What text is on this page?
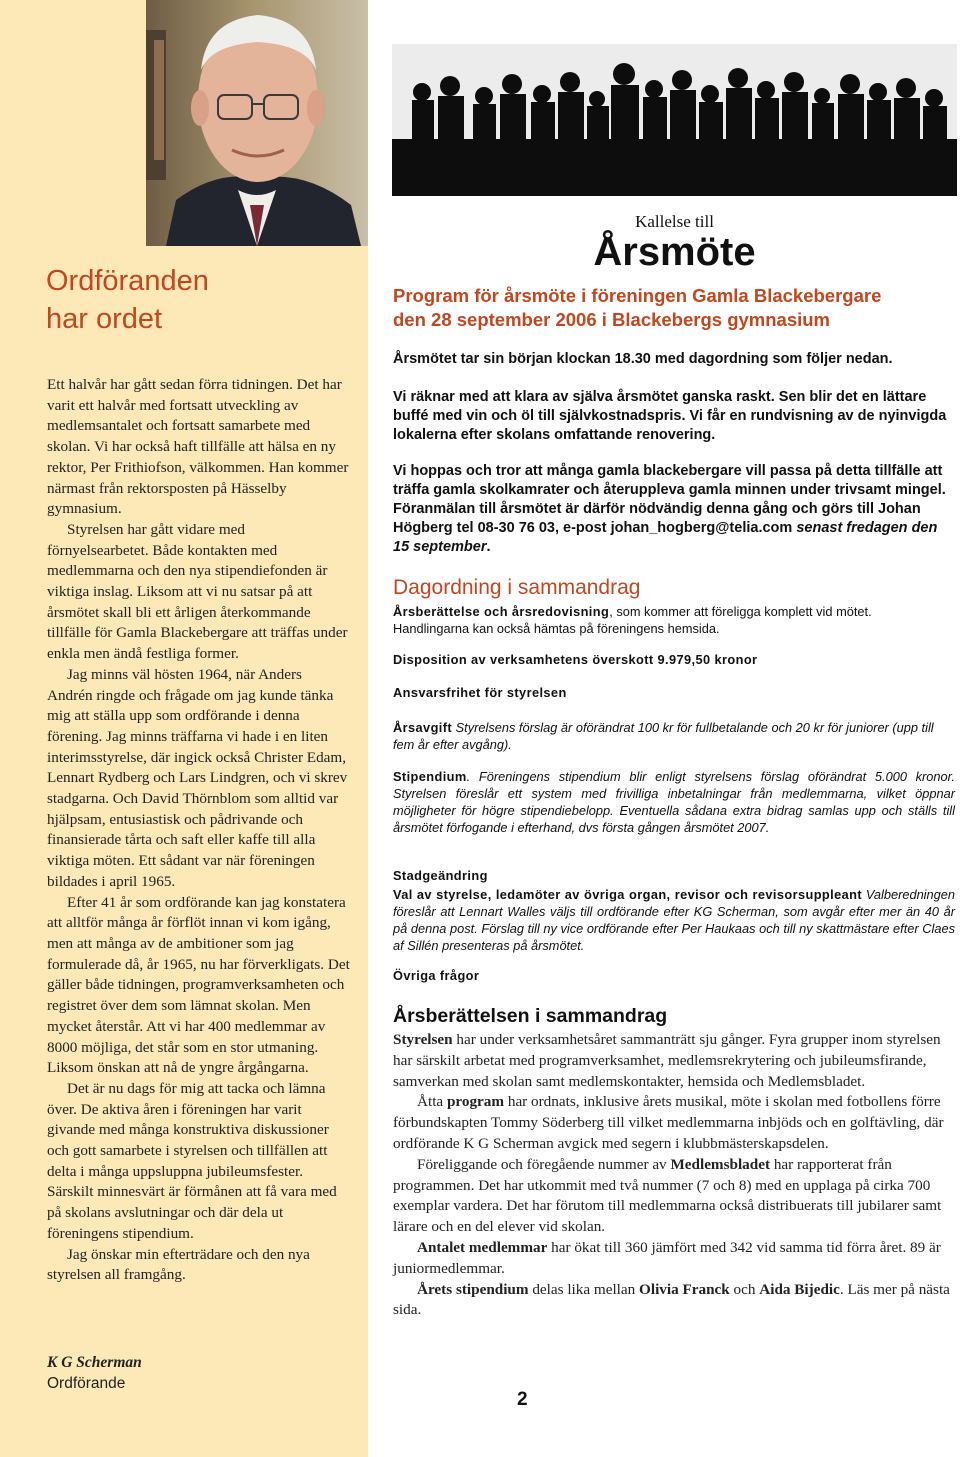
Ordföranden
har ordet

Ett halvår har gått sedan förra tidningen. Det har varit ett halvår med fortsatt utveckling av medlemsantalet och fortsatt samarbete med skolan. Vi har också haft tillfälle att hälsa en ny rektor, Per Frithiofson, välkommen. Han kommer närmast från rektorsposten på Hässelby gymnasium.

Styrelsen har gått vidare med förnyelsearbetet. Både kontakten med medlemmarna och den nya stipendiefonden är viktiga inslag. Liksom att vi nu satsar på att årsmötet skall bli ett årligen återkommande tillfälle för Gamla Blackebergare att träffas under enkla men ändå festliga former.

Jag minns väl hösten 1964, när Anders Andrén ringde och frågade om jag kunde tänka mig att ställa upp som ordförande i denna förening. Jag minns träffarna vi hade i en liten interimsstyrelse, där ingick också Christer Edam, Lennart Rydberg och Lars Lindgren, och vi skrev stadgarna. Och David Thörnblom som alltid var hjälpsam, entusiastisk och pådrivande och finansierade tårta och saft eller kaffe till alla viktiga möten. Ett sådant var när föreningen bildades i april 1965.

Efter 41 år som ordförande kan jag konstatera att alltför många år förflöt innan vi kom igång, men att många av de ambitioner som jag formulerade då, år 1965, nu har förverkligats. Det gäller både tidningen, programverksamheten och registret över dem som lämnat skolan. Men mycket återstår. Att vi har 400 medlemmar av 8000 möjliga, det står som en stor utmaning. Liksom önskan att nå de yngre årgångarna.

Det är nu dags för mig att tacka och lämna över. De aktiva åren i föreningen har varit givande med många konstruktiva diskussioner och gott samarbete i styrelsen och tillfällen att delta i många uppsluppna jubileumsfester. Särskilt minnesvärt är förmånen att få vara med på skolans avslutningar och där dela ut föreningens stipendium.

Jag önskar min efterträdare och den nya styrelsen all framgång.

K G Scherman
Ordförande

Kallelse till

Årsmöte

Program för årsmöte i föreningen Gamla Blackebergare
den 28 september 2006 i Blackebergs gymnasium

Årsmötet tar sin början klockan 18.30 med dagordning som följer nedan.

Vi räknar med att klara av själva årsmötet ganska raskt. Sen blir det en lättare buffé med vin och öl till självkostnadspris. Vi får en rundvisning av de nyinvigda lokalerna efter skolans omfattande renovering.

Vi hoppas och tror att många gamla blackebergare vill passa på detta tillfälle att träffa gamla skolkamrater och återuppleva gamla minnen under trivsamt mingel. Föranmälan till årsmötet är därför nödvändig denna gång och görs till Johan Högberg tel 08-30 76 03, e-post johan_hogberg@telia.com senast fredagen den 15 september.

Dagordning i sammandrag

Årsberättelse och årsredovisning, som kommer att föreligga komplett vid mötet.
Handlingarna kan också hämtas på föreningens hemsida.

Disposition av verksamhetens överskott 9.979,50 kronor

Ansvarsfrihet för styrelsen

Årsavgift Styrelsens förslag är oförändrat 100 kr för fullbetalande och 20 kr för juniorer (upp till fem år efter avgång).

Stipendium. Föreningens stipendium blir enligt styrelsens förslag oförändrat 5.000 kronor. Styrelsen föreslår ett system med frivilliga inbetalningar från medlemmarna, vilket öppnar möjligheter för högre stipendiebelopp. Eventuella sådana extra bidrag samlas upp och ställs till årsmötet förfogande i efterhand, dvs första gången årsmötet 2007.

Stadgeändring

Val av styrelse, ledamöter av övriga organ, revisor och revisorsuppleant Valberedningen föreslår att Lennart Walles väljs till ordförande efter KG Scherman, som avgår efter mer än 40 år på denna post. Förslag till ny vice ordförande efter Per Haukaas och till ny skattmästare efter Claes af Sillén presenteras på årsmötet.

Övriga frågor

Årsberättelsen i sammandrag

Styrelsen har under verksamhetsåret sammanträtt sju gånger. Fyra grupper inom styrelsen har särskilt arbetat med programverksamhet, medlemsrekrytering och jubileumsfirande, samverkan med skolan samt medlemskontakter, hemsida och Medlemsbladet.

Åtta program har ordnats, inklusive årets musikal, möte i skolan med fotbollens förre förbundskapten Tommy Söderberg till vilket medlemmarna inbjöds och en golftävling, där ordförande K G Scherman avgick med segern i klubbmästerskapsdelen.

Föreliggande och föregående nummer av Medlemsbladet har rapporterat från programmen. Det har utkommit med två nummer (7 och 8) med en upplaga på cirka 700 exemplar vardera. Det har förutom till medlemmarna också distribuerats till jubilarer samt lärare och en del elever vid skolan.

Antalet medlemmar har ökat till 360 jämfört med 342 vid samma tid förra året. 89 är juniormedlemmar.

Årets stipendium delas lika mellan Olivia Franck och Aida Bijedic. Läs mer på nästa sida.

2
